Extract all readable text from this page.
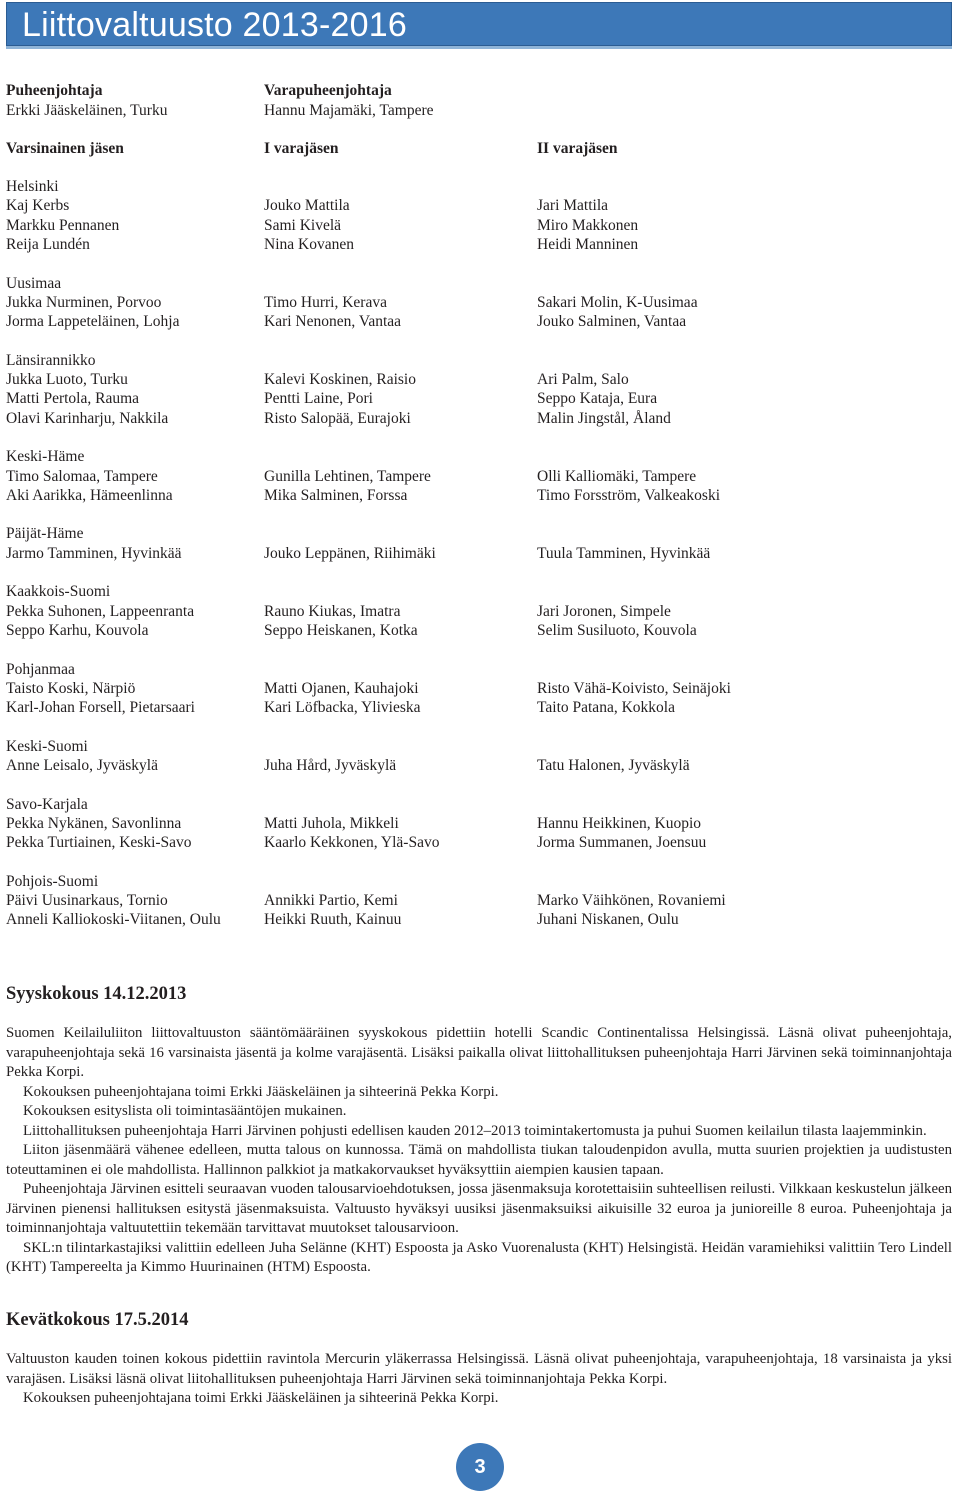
Liittovaltuusto 2013-2016
Puheenjohtaja
Erkki Jääskeläinen, Turku
Varapuheenjohtaja
Hannu Majamäki, Tampere
Varsinainen jäsen	I varajäsen	II varajäsen
Helsinki
Kaj Kerbs	Jouko Mattila	Jari Mattila
Markku Pennanen	Sami Kivelä	Miro Makkonen
Reija Lundén	Nina Kovanen	Heidi Manninen
Uusimaa
Jukka Nurminen, Porvoo	Timo Hurri, Kerava	Sakari Molin, K-Uusimaa
Jorma Lappeteläinen, Lohja	Kari Nenonen, Vantaa	Jouko Salminen, Vantaa
Länsirannikko
Jukka Luoto, Turku	Kalevi Koskinen, Raisio	Ari Palm, Salo
Matti Pertola, Rauma	Pentti Laine, Pori	Seppo Kataja, Eura
Olavi Karinharju, Nakkila	Risto Salopää, Eurajoki	Malin Jingstål, Åland
Keski-Häme
Timo Salomaa, Tampere	Gunilla Lehtinen, Tampere	Olli Kalliomäki, Tampere
Aki Aarikka, Hämeenlinna	Mika Salminen, Forssa	Timo Forsström, Valkeakoski
Päijät-Häme
Jarmo Tamminen, Hyvinkää	Jouko Leppänen, Riihimäki	Tuula Tamminen, Hyvinkää
Kaakkois-Suomi
Pekka Suhonen, Lappeenranta	Rauno Kiukas, Imatra	Jari Joronen, Simpele
Seppo Karhu, Kouvola	Seppo Heiskanen, Kotka	Selim Susiluoto, Kouvola
Pohjanmaa
Taisto Koski, Närpiö	Matti Ojanen, Kauhajoki	Risto Vähä-Koivisto, Seinäjoki
Karl-Johan Forsell, Pietarsaari	Kari Löfbacka, Ylivieska	Taito Patana, Kokkola
Keski-Suomi
Anne Leisalo, Jyväskylä	Juha Hård, Jyväskylä	Tatu Halonen, Jyväskylä
Savo-Karjala
Pekka Nykänen, Savonlinna	Matti Juhola, Mikkeli	Hannu Heikkinen, Kuopio
Pekka Turtiainen, Keski-Savo	Kaarlo Kekkonen, Ylä-Savo	Jorma Summanen, Joensuu
Pohjois-Suomi
Päivi Uusinarkaus, Tornio	Annikki Partio, Kemi	Marko Väihkönen, Rovaniemi
Anneli Kalliokoski-Viitanen, Oulu	Heikki Ruuth, Kainuu	Juhani Niskanen, Oulu
Syyskokous 14.12.2013

Suomen Keilailuliiton liittovaltuuston sääntömääräinen syyskokous pidettiin hotelli Scandic Continentalissa Helsingissä. Läsnä olivat puheenjohtaja, varapuheenjohtaja sekä 16 varsinaista jäsentä ja kolme varajäsentä. Lisäksi paikalla olivat liittohallituksen puheenjohtaja Harri Järvinen sekä toiminnanjohtaja Pekka Korpi.

Kokouksen puheenjohtajana toimi Erkki Jääskeläinen ja sihteerinä Pekka Korpi.

Kokouksen esityslista oli toimintasääntöjen mukainen.

Liittohallituksen puheenjohtaja Harri Järvinen pohjusti edellisen kauden 2012–2013 toimintakertomusta ja puhui Suomen keilailun tilasta laajemminkin.

Liiton jäsenmäärä vähenee edelleen, mutta talous on kunnossa. Tämä on mahdollista tiukan taloudenpidon avulla, mutta suurien projektien ja uudistusten toteuttaminen ei ole mahdollista. Hallinnon palkkiot ja matkakorvaukset hyväksyttiin aiempien kausien tapaan.

Puheenjohtaja Järvinen esitteli seuraavan vuoden talousarvioehdotuksen, jossa jäsenmaksuja korotettaisiin suhteellisen reilusti. Vilkkaan keskustelun jälkeen Järvinen pienensi hallituksen esitystä jäsenmaksuista. Valtuusto hyväksyi uusiksi jäsenmaksuiksi aikuisille 32 euroa ja junioreille 8 euroa. Puheenjohtaja ja toiminnanjohtaja valtuutettiin tekemään tarvittavat muutokset talousarvioon.

SKL:n tilintarkastajiksi valittiin edelleen Juha Selänne (KHT) Espoosta ja Asko Vuorenalusta (KHT) Helsingistä. Heidän varamiehiksi valittiin Tero Lindell (KHT) Tampereelta ja Kimmo Huurinainen (HTM) Espoosta.

Kevätkokous 17.5.2014

Valtuuston kauden toinen kokous pidettiin ravintola Mercurin yläkerrassa Helsingissä. Läsnä olivat puheenjohtaja, varapuheenjohtaja, 18 varsinaista ja yksi varajäsen. Lisäksi läsnä olivat liitohallituksen puheenjohtaja Harri Järvinen sekä toiminnanjohtaja Pekka Korpi.

Kokouksen puheenjohtajana toimi Erkki Jääskeläinen ja sihteerinä Pekka Korpi.

3
